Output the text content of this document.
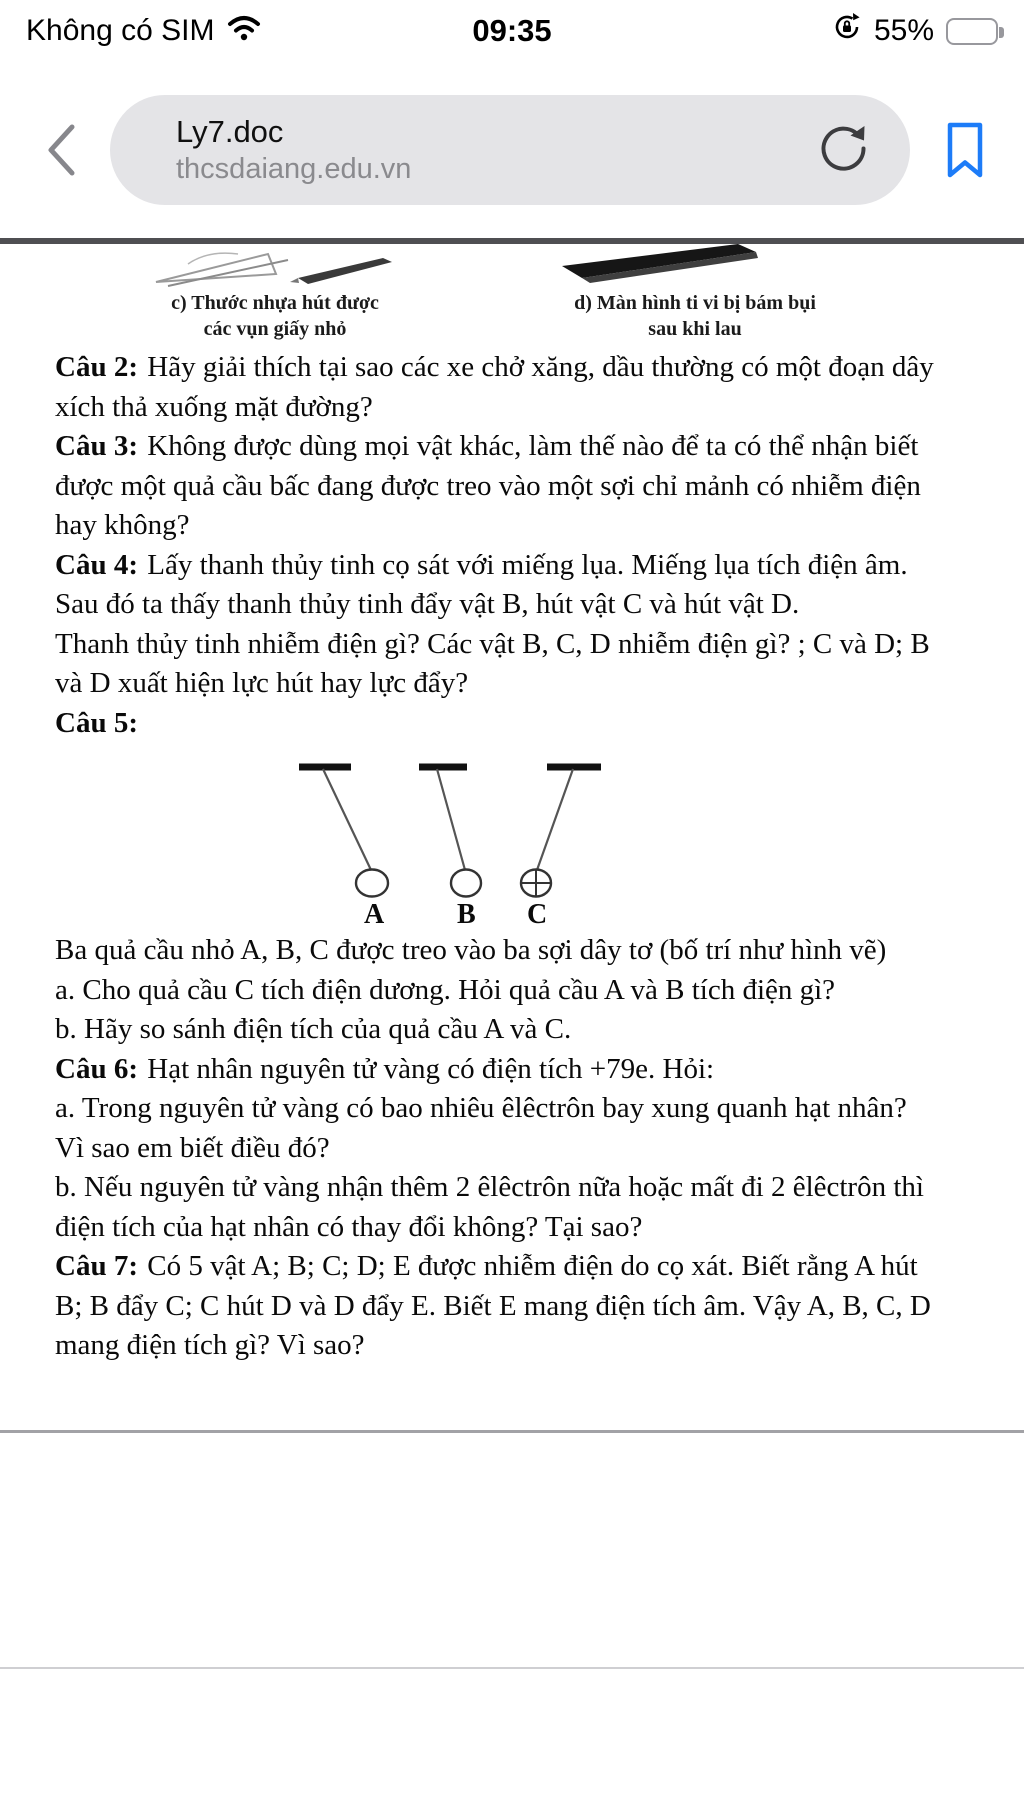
Không có SIM	09:35	55%
Ly7.doc
thcsdaiang.edu.vn
c) Thước nhựa hút được
các vụn giấy nhỏ
d) Màn hình ti vi bị bám bụi
sau khi lau

Câu 2: Hãy giải thích tại sao các xe chở xăng, dầu thường có một đoạn dây xích thả xuống mặt đường?

Câu 3: Không được dùng mọi vật khác, làm thế nào để ta có thể nhận biết được một quả cầu bấc đang được treo vào một sợi chỉ mảnh có nhiễm điện hay không?

Câu 4: Lấy thanh thủy tinh cọ sát với miếng lụa. Miếng lụa tích điện âm. Sau đó ta thấy thanh thủy tinh đẩy vật B, hút vật C và hút vật D.

Thanh thủy tinh nhiễm điện gì? Các vật B, C, D nhiễm điện gì? ; C và D; B và D xuất hiện lực hút hay lực đẩy?

Câu 5:

A	B C

Ba quả cầu nhỏ A, B, C được treo vào ba sợi dây tơ (bố trí như hình vẽ)

a. Cho quả cầu C tích điện dương. Hỏi quả cầu A và B tích điện gì?

b. Hãy so sánh điện tích của quả cầu A và C.

Câu 6: Hạt nhân nguyên tử vàng có điện tích +79e. Hỏi:

a. Trong nguyên tử vàng có bao nhiêu êlêctrôn bay xung quanh hạt nhân? Vì sao em biết điều đó?

b. Nếu nguyên tử vàng nhận thêm 2 êlêctrôn nữa hoặc mất đi 2 êlêctrôn thì điện tích của hạt nhân có thay đổi không? Tại sao?

Câu 7: Có 5 vật A; B; C; D; E được nhiễm điện do cọ xát. Biết rằng A hút B; B đẩy C; C hút D và D đẩy E. Biết E mang điện tích âm. Vậy A, B, C, D mang điện tích gì? Vì sao?
